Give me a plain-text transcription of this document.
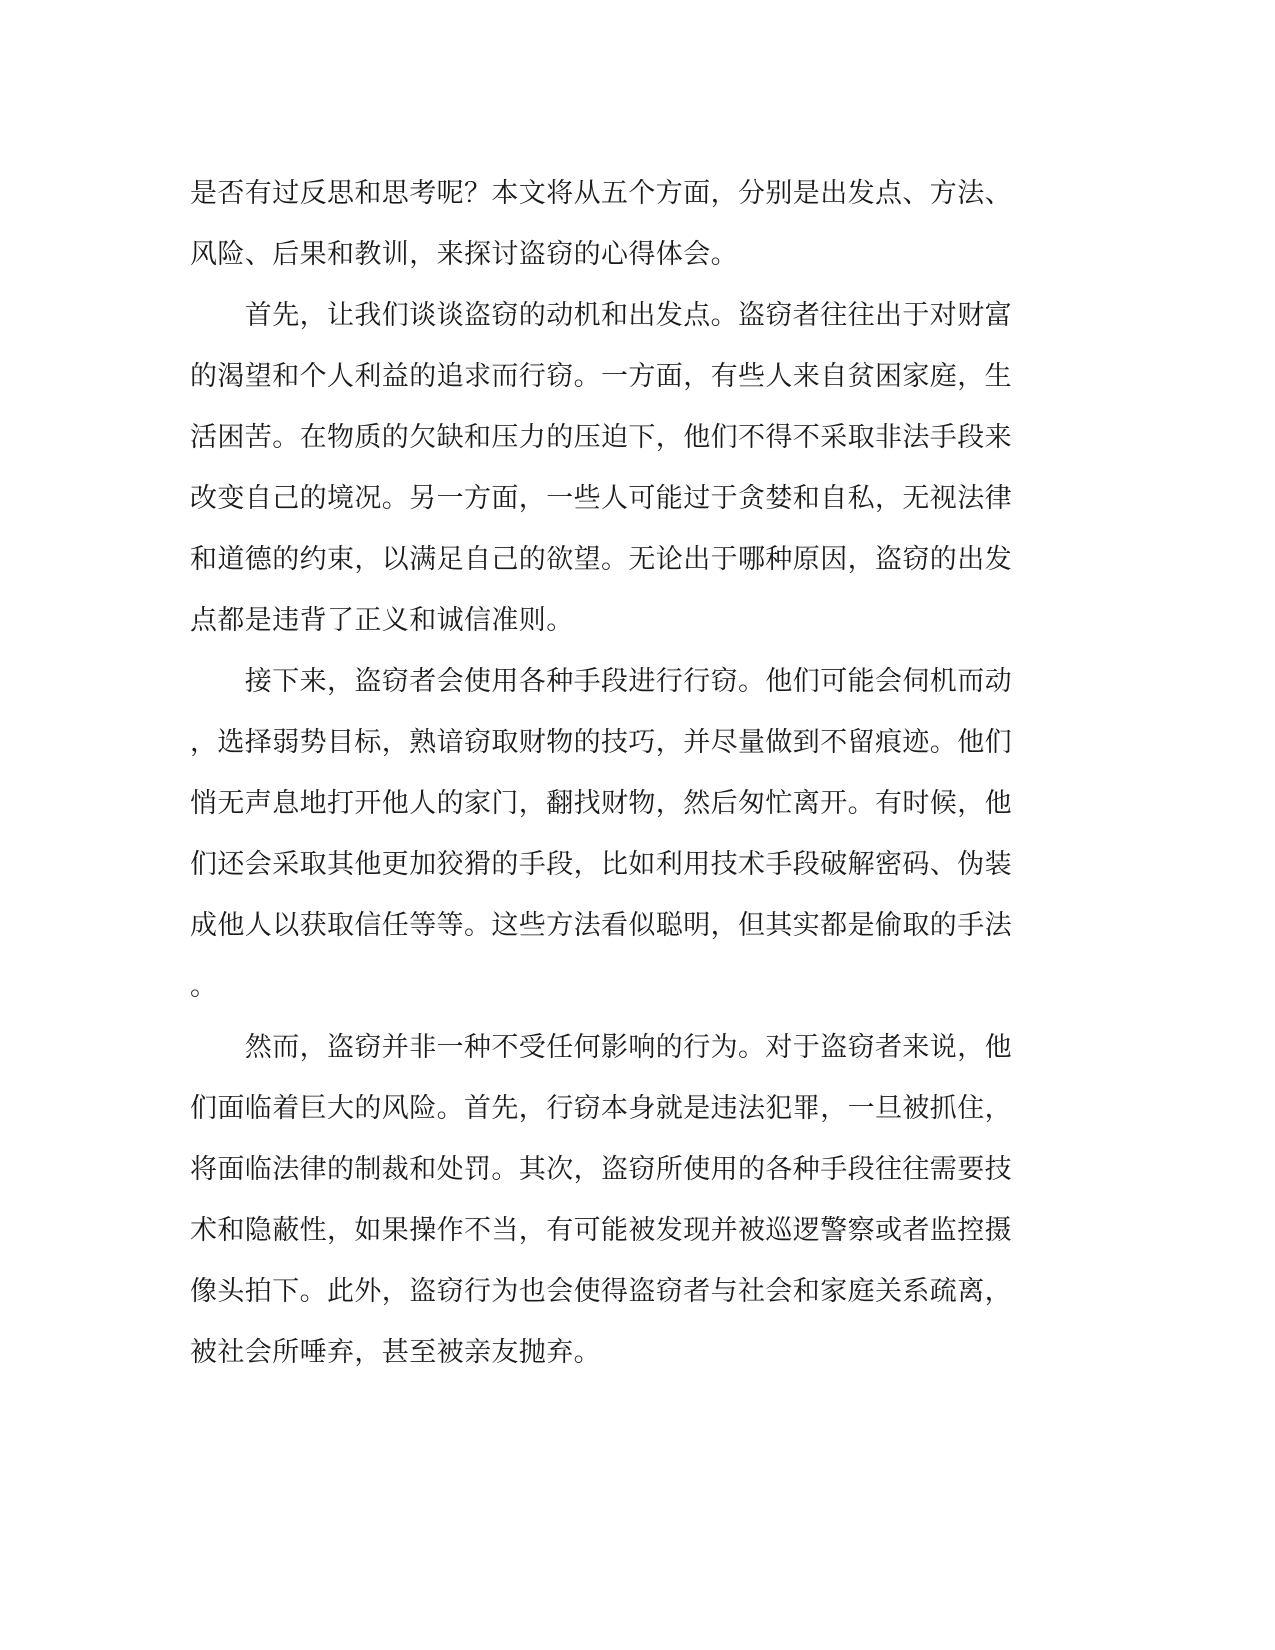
是否有过反思和思考呢？本文将从五个方面，分别是出发点、方法、
风险、后果和教训，来探讨盗窃的心得体会。
　　首先，让我们谈谈盗窃的动机和出发点。盗窃者往往出于对财富
的渴望和个人利益的追求而行窃。一方面，有些人来自贫困家庭，生
活困苦。在物质的欠缺和压力的压迫下，他们不得不采取非法手段来
改变自己的境况。另一方面，一些人可能过于贪婪和自私，无视法律
和道德的约束，以满足自己的欲望。无论出于哪种原因，盗窃的出发
点都是违背了正义和诚信准则。
　　接下来，盗窃者会使用各种手段进行行窃。他们可能会伺机而动
，选择弱势目标，熟谙窃取财物的技巧，并尽量做到不留痕迹。他们
悄无声息地打开他人的家门，翻找财物，然后匆忙离开。有时候，他
们还会采取其他更加狡猾的手段，比如利用技术手段破解密码、伪装
成他人以获取信任等等。这些方法看似聪明，但其实都是偷取的手法
。
　　然而，盗窃并非一种不受任何影响的行为。对于盗窃者来说，他
们面临着巨大的风险。首先，行窃本身就是违法犯罪，一旦被抓住，
将面临法律的制裁和处罚。其次，盗窃所使用的各种手段往往需要技
术和隐蔽性，如果操作不当，有可能被发现并被巡逻警察或者监控摄
像头拍下。此外，盗窃行为也会使得盗窃者与社会和家庭关系疏离，
被社会所唾弃，甚至被亲友抛弃。
